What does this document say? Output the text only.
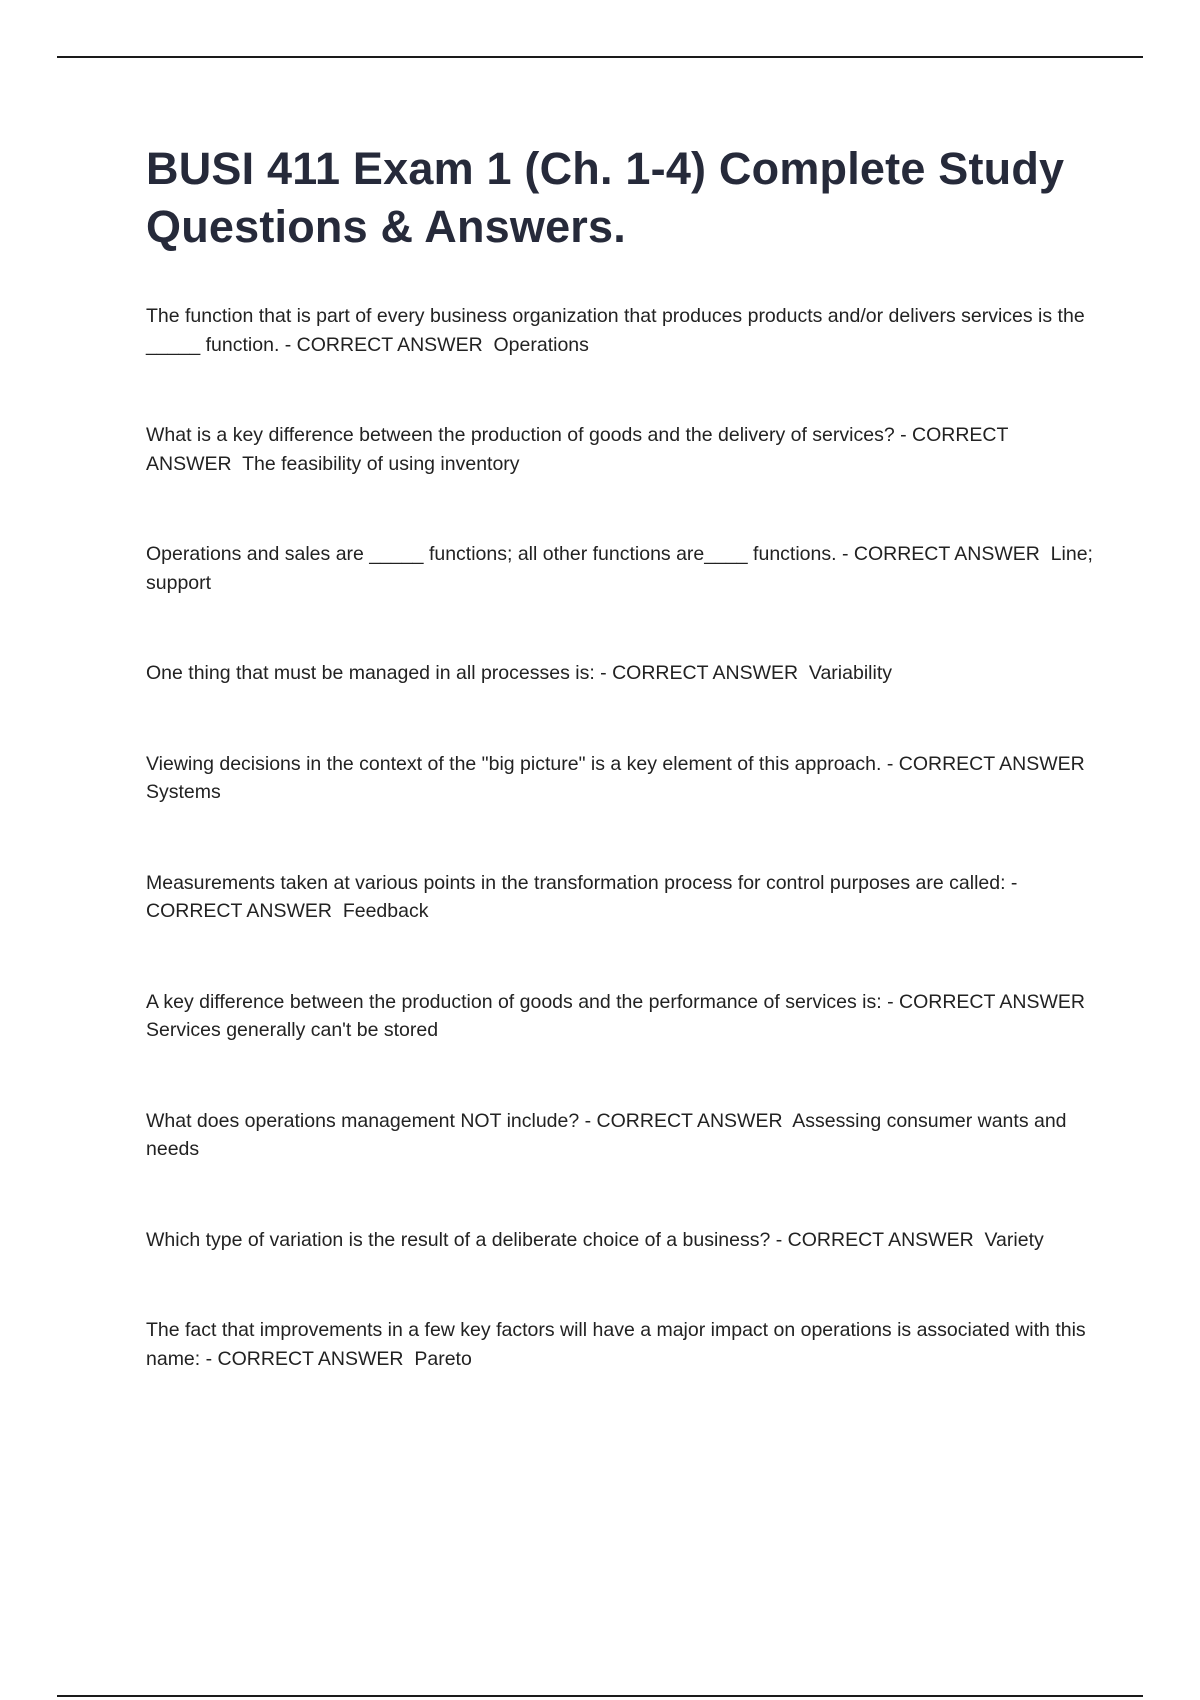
BUSI 411 Exam 1 (Ch. 1-4) Complete Study Questions & Answers.

The function that is part of every business organization that produces products and/or delivers services is the _____ function. - CORRECT ANSWER  Operations

What is a key difference between the production of goods and the delivery of services? - CORRECT ANSWER  The feasibility of using inventory

Operations and sales are _____ functions; all other functions are____ functions. - CORRECT ANSWER  Line; support

One thing that must be managed in all processes is: - CORRECT ANSWER  Variability

Viewing decisions in the context of the "big picture" is a key element of this approach. - CORRECT ANSWER  Systems

Measurements taken at various points in the transformation process for control purposes are called: - CORRECT ANSWER  Feedback

A key difference between the production of goods and the performance of services is: - CORRECT ANSWER  Services generally can't be stored

What does operations management NOT include? - CORRECT ANSWER  Assessing consumer wants and needs

Which type of variation is the result of a deliberate choice of a business? - CORRECT ANSWER  Variety

The fact that improvements in a few key factors will have a major impact on operations is associated with this name: - CORRECT ANSWER  Pareto
